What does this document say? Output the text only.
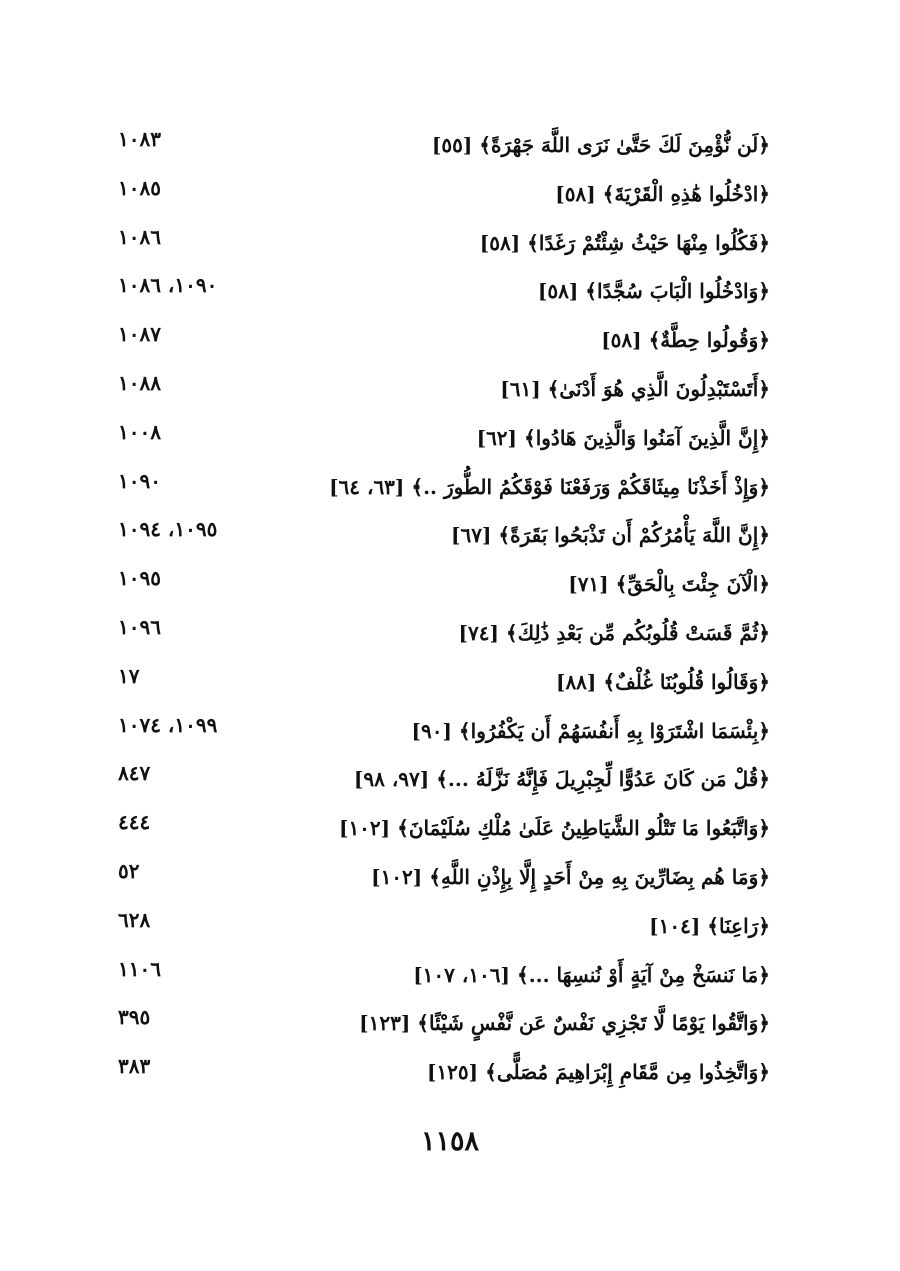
﴿لَن نُّؤْمِنَ لَكَ حَتَّىٰ نَرَى اللَّهَ جَهْرَةً﴾ [٥٥]
١٠٨٣
﴿ادْخُلُوا هَٰذِهِ الْقَرْيَةَ﴾ [٥٨]
١٠٨٥
﴿فَكُلُوا مِنْهَا حَيْثُ شِئْتُمْ رَغَدًا﴾ [٥٨]
١٠٨٦
﴿وَادْخُلُوا الْبَابَ سُجَّدًا﴾ [٥٨]
١٠٩٠، ١٠٨٦
﴿وَقُولُوا حِطَّةٌ﴾ [٥٨]
١٠٨٧
﴿أَتَسْتَبْدِلُونَ الَّذِي هُوَ أَدْنَىٰ﴾ [٦١]
١٠٨٨
﴿إِنَّ الَّذِينَ آمَنُوا وَالَّذِينَ هَادُوا﴾ [٦٢]
١٠٠٨
﴿وَإِذْ أَخَذْنَا مِيثَاقَكُمْ وَرَفَعْنَا فَوْقَكُمُ الطُّورَ ..﴾ [٦٣، ٦٤]
١٠٩٠
﴿إِنَّ اللَّهَ يَأْمُرُكُمْ أَن تَذْبَحُوا بَقَرَةً﴾ [٦٧]
١٠٩٥، ١٠٩٤
﴿الْآنَ جِئْتَ بِالْحَقِّ﴾ [٧١]
١٠٩٥
﴿ثُمَّ قَسَتْ قُلُوبُكُم مِّن بَعْدِ ذَٰلِكَ﴾ [٧٤]
١٠٩٦
﴿وَقَالُوا قُلُوبُنَا غُلْفٌ﴾ [٨٨]
١٧
﴿بِئْسَمَا اشْتَرَوْا بِهِ أَنفُسَهُمْ أَن يَكْفُرُوا﴾ [٩٠]
١٠٩٩، ١٠٧٤
﴿قُلْ مَن كَانَ عَدُوًّا لِّجِبْرِيلَ فَإِنَّهُ نَزَّلَهُ ...﴾ [٩٧، ٩٨]
٨٤٧
﴿وَاتَّبَعُوا مَا تَتْلُو الشَّيَاطِينُ عَلَىٰ مُلْكِ سُلَيْمَانَ﴾ [١٠٢]
٤٤٤
﴿وَمَا هُم بِضَارِّينَ بِهِ مِنْ أَحَدٍ إِلَّا بِإِذْنِ اللَّهِ﴾ [١٠٢]
٥٢
﴿رَاعِنَا﴾ [١٠٤]
٦٢٨
﴿مَا نَنسَخْ مِنْ آيَةٍ أَوْ نُنسِهَا ...﴾ [١٠٦، ١٠٧]
١١٠٦
﴿وَاتَّقُوا يَوْمًا لَّا تَجْزِي نَفْسٌ عَن نَّفْسٍ شَيْئًا﴾ [١٢٣]
٣٩٥
﴿وَاتَّخِذُوا مِن مَّقَامِ إِبْرَاهِيمَ مُصَلًّى﴾ [١٢٥]
٣٨٣
١١٥٨
